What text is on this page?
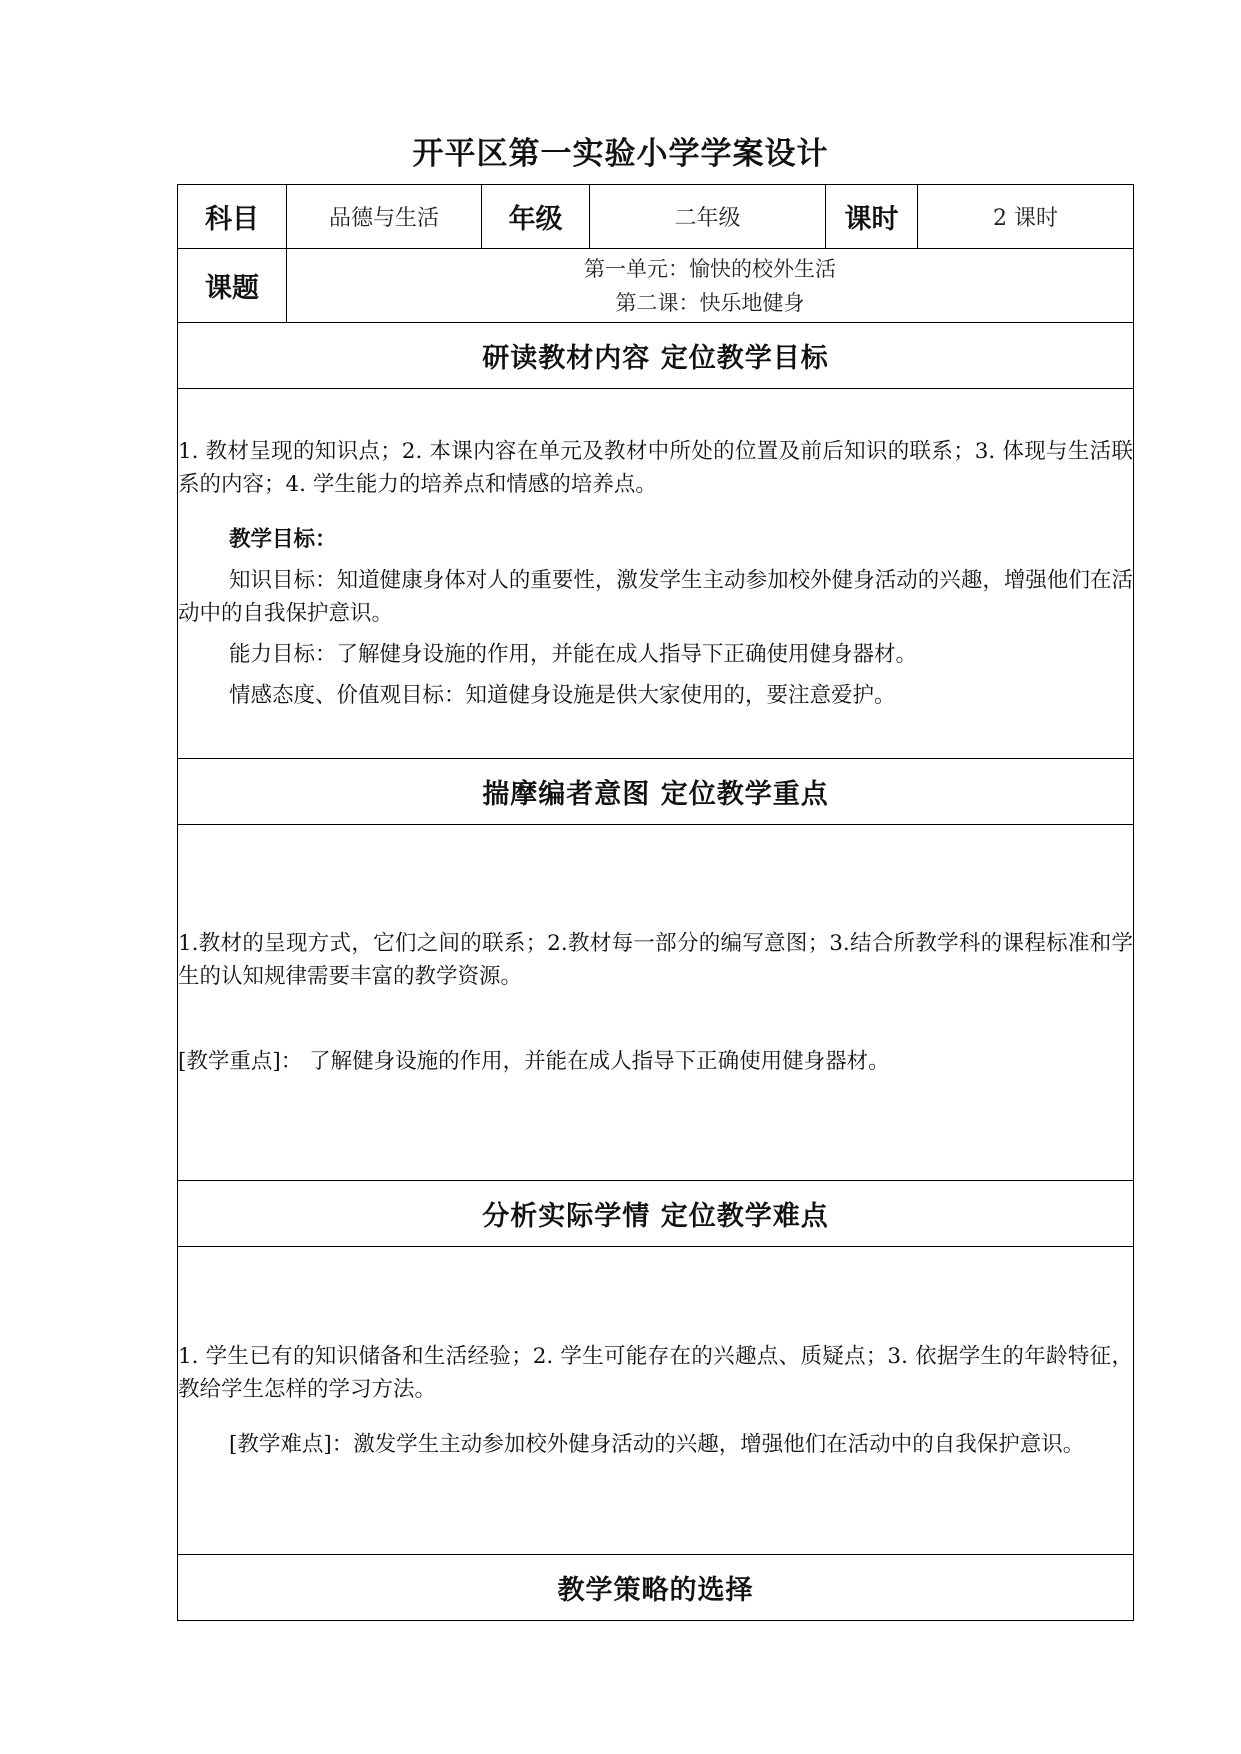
开平区第一实验小学学案设计
科目	品德与生活	年级	二年级	课时	2 课时
课题	第一单元：愉快的校外生活
第二课：快乐地健身				

研读教材内容 定位教学目标					

1. 教材呈现的知识点；2. 本课内容在单元及教材中所处的位置及前后知识的联系；3. 体现与生活联系的内容；4. 学生能力的培养点和情感的培养点。

教学目标：

知识目标：知道健康身体对人的重要性，激发学生主动参加校外健身活动的兴趣，增强他们在活动中的自我保护意识。

能力目标：了解健身设施的作用，并能在成人指导下正确使用健身器材。

情感态度、价值观目标：知道健身设施是供大家使用的，要注意爱护。					

揣摩编者意图 定位教学重点					

1.教材的呈现方式，它们之间的联系；2.教材每一部分的编写意图；3.结合所教学科的课程标准和学生的认知规律需要丰富的教学资源。

[教学重点]： 了解健身设施的作用，并能在成人指导下正确使用健身器材。					

分析实际学情 定位教学难点					

1. 学生已有的知识储备和生活经验；2. 学生可能存在的兴趣点、质疑点；3. 依据学生的年龄特征，教给学生怎样的学习方法。

[教学难点]：激发学生主动参加校外健身活动的兴趣，增强他们在活动中的自我保护意识。					

教学策略的选择					
